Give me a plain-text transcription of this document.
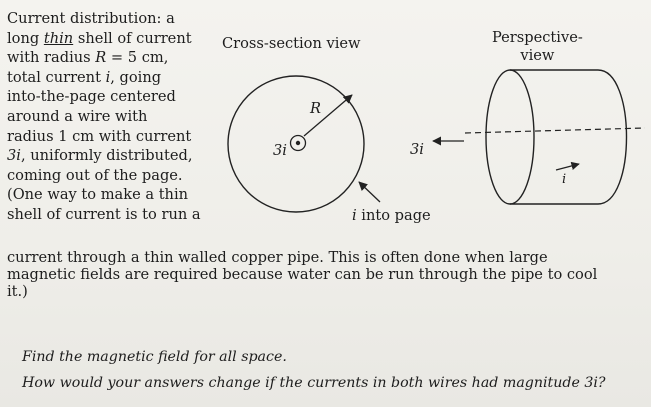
Current distribution: a
long thin shell of current
with radius R = 5 cm,
total current i, going
into-the-page centered
around a wire with
radius 1 cm with current
3i, uniformly distributed,
coming out of the page.
(One way to make a thin
shell of current is to run a
current through a thin walled copper pipe. This is often done when large
magnetic fields are required because water can be run through the pipe to cool
it.)
Find the magnetic field for all space.
How would your answers change if the currents in both wires had magnitude 3i?
Cross-section view
R
3i	3i
i into page
Perspective-
view
i
